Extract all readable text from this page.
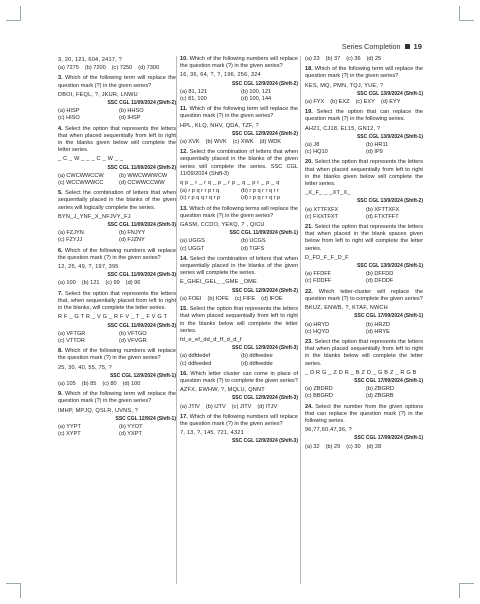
Series Completion 19
3, 20, 121, 604, 2417, ?
(a) 7275 (b) 7200 (c) 7250 (d) 7300
3. Which of the following term will replace the question mark (?) in the given series?
DBOI, FEQL, ?, JKUR, LNWU
SSC CGL 11/09/2024 (Shift-2)
(a) HISP	(b) HHSO
(c) HISO	(d) IHSP
4. Select the option that represents the letters that when placed sequentially from left to right in the blanks given below will complete the letter series.
_ C _ W _ _ _ C _ W _ _
SSC CGL 11/09/2024 (Shift-2)
(a) CWCWWCCW	(b) WWCWWWCW
(c) WCCWWWCC	(d) CCWWCCWW
5. Select the combination of letters that when sequentially placed in the blanks of the given series will logically complete the series.
BYN_J_YNF_X_NFJVY_FJ
SSC CGL 11/09/2024 (Shift-3)
(a) FZJYN	(b) FNJYY
(c) FZYJJ	(d) FJZNY
6. Which of the following numbers will replace the question mark (?) in the given series?
12, 25, 49, ?, 197, 395
SSC CGL 11/09/2024 (Shift-3)
(a) 100 (b) 121 (c) 99 (d) 96
7. Select the option that represents the letters that, when sequentially placed from left to right in the blanks, will complete the letter series.
R F _ G T R _ V G _ R F V _ T _ F V G T
SSC CGL 11/09/2024 (Shift-3)
(a) VFTGR	(b) VFTGO
(c) VTTOR	(d) VFVGR
8. Which of the following numbers will replace the question mark (?) in the given series?
25, 30, 40, 55, 75, ?
SSC CGL 12/9/2024 (Shift-1)
(a) 105 (b) 85 (c) 80 (d) 100
9. Which of the following term will replace the question mark (?) in the given series?
IMHP, MPJQ, QSLR, UVNS, ?
SSC CGL 12/9/24 (Shift-1)
(a) YYPT	(b) YYOT
(c) XYPT	(d) YXPT
10. Which of the following numbers will replace the question mark (?) in the given series?
16, 36, 64, ?, ?, 196, 256, 324
SSC CGL 12/9/2024 (Shift-2)
(a) 81, 121	(b) 100, 121
(c) 81, 100	(d) 100, 144
11. Which of the following term will replace the question mark (?) in the given series?
HPL, KLQ, NHV, QDA, TZF, ?
SSC CGL 12/9/2024 (Shift-2)
(a) XVK (b) WVK (c) XWK (d) WDK
12. Select the combination of letters that when sequentially placed in the blanks of the given series will complete the series. SSC CGL 11/09/2024 (Shift-3)
q p _ r _ r q _ p _ r p _ q _ p r _ p _ q
(a) r p q r r p r q	(b) r p q r r q r r
(c) r p q q r q r p	(d) r p q r r q r p
13. Which of the following terms will replace the question mark (?) in the given series?
GASM, CCDO, YEKQ, ? , QICU
SSC CGL 11/09/2024 (Shift-1)
(a) UGGS	(b) UCGS
(c) UGGT	(d) TGFS
14. Select the combination of letters that when sequentially placed in the blanks of the given series will complete the series.
E_GHEI_GEL_ _GME _OME
SSC CGL 12/9/2024 (Shift-2)
(a) FOEI (b) IOFE (c) FIFE (d) IFOE
15. Select the option that represents the letters that when placed sequentially from left to right in the blanks below will complete the letter series.
fd_e_ef_dd_d_ff_d_d_f
SSC CGL 12/9/2024 (Shift-3)
(a) ddfdedef	(b) ddfeedee
(c) ddfeeded	(d) ddfeedde
16. Which letter cluster can come in place of question mark (?) to complete the given series?
AZFX, EWHW, ?, MQLU, QNNT
SSC CGL 12/9/2024 (Shift-3)
(a) JTIV (b) IJTV (c) JITV (d) ITJV
17. Which of the following numbers will replace the question mark (?) in the given series?
7, 13, ?, 145, 721, 4321
SSC CGL 12/9/2024 (Shift-3)
(a) 23 (b) 37 (c) 36 (d) 25
18. Which of the following term will replace the question mark (?) in the given series?
KES, MQ, PMN, TQJ, YUE, ?
SSC CGL 13/9/2024 (Shift-1)
(a) FYX (b) EXZ (c) EXY (d) EYY
19. Select the option that can replace the question mark (?) in the following series.
AH21, CJ18, EL15, GN12, ?
SSC CGL 13/9/2024 (Shift-1)
(a) J8	(b) HR11
(c) HQ10	(d) IP9
20. Select the option that represents the letters that when placed sequentially from left to right in the blanks given below will complete the letter series.
_X_F_ _ _XT_X_
SSC CGL 13/9/2024 (Shift-2)
(a) XTTFXFX	(b) XFTTXFX
(c) FXXTFXT	(d) FTXTFFT
21. Select the option that represents the letters that when placed in the blank spaces given below from left to right will complete the letter series.
D_FD_F_F_D_F
SSC CGL 13/9/2024 (Shift-1)
(a) FFDFF	(b) DFFDD
(c) FDDFF	(d) DFDDF
22. Which letter-cluster will replace the question mark (?) to complete the given series?
BKUZ, ENWB, ?, KTAF, NWCH
SSC CGL 17/09/2024 (Shift-1)
(a) HRYD	(b) HRZD
(c) HQYD	(d) HRYE
23. Select the option that represents the letters that when placed sequentially from left to right in the blanks below will complete the letter series.
_ D R G _ Z D R _ B Z D _ G B Z _ R G B
SSC CGL 17/09/2024 (Shift-1)
(a) ZBDRD	(b) ZBGRD
(c) BBGRD	(d) ZBGRB
24. Select the number from the given options that can replace the question mark (?) in the following series.
96,77,60,47,36, ?
SSC CGL 17/09/2024 (Shift-1)
(a) 32 (b) 29 (c) 30 (d) 28
